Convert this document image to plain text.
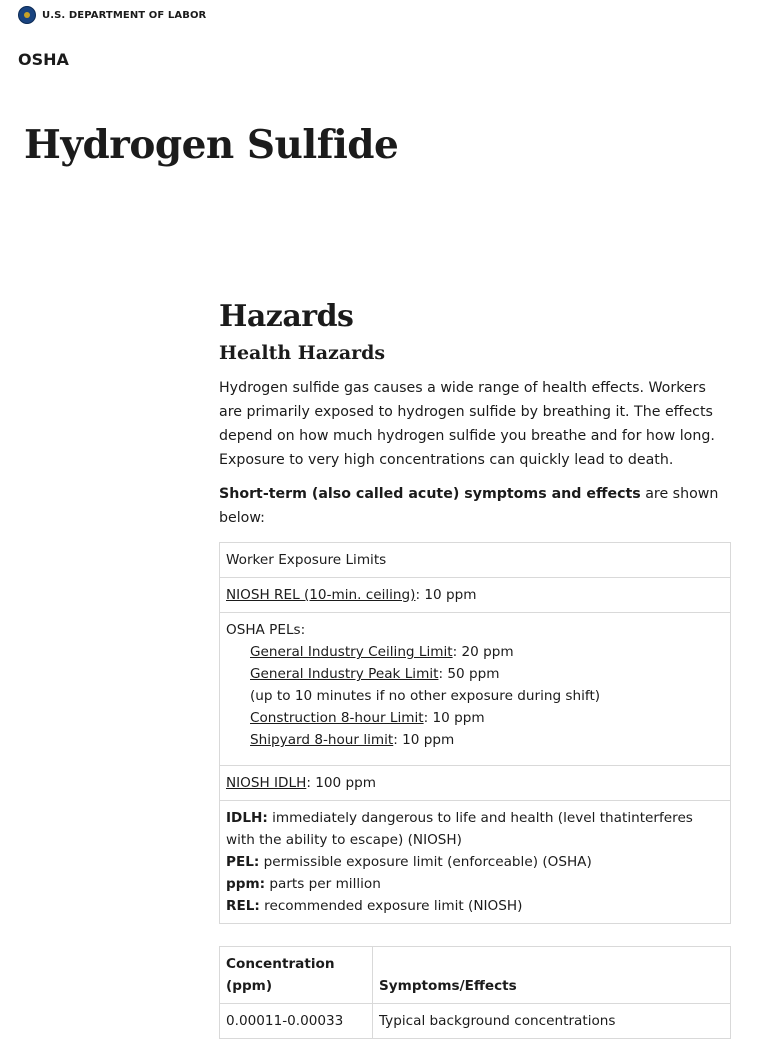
U.S. DEPARTMENT OF LABOR
OSHA
Hydrogen Sulfide
Hazards
Health Hazards

Hydrogen sulfide gas causes a wide range of health effects. Workers are primarily exposed to hydrogen sulfide by breathing it. The effects depend on how much hydrogen sulfide you breathe and for how long. Exposure to very high concentrations can quickly lead to death.

Short-term (also called acute) symptoms and effects are shown below:

Worker Exposure Limits
NIOSH REL (10-min. ceiling): 10 ppm

OSHA PELs:
General Industry Ceiling Limit: 20 ppm
General Industry Peak Limit: 50 ppm
(up to 10 minutes if no other exposure during shift)
Construction 8-hour Limit: 10 ppm
Shipyard 8-hour limit: 10 ppm

NIOSH IDLH: 100 ppm

IDLH: immediately dangerous to life and health (level thatinterferes with the ability to escape) (NIOSH)
PEL: permissible exposure limit (enforceable) (OSHA)
ppm: parts per million
REL: recommended exposure limit (NIOSH)
Concentration (ppm)	Symptoms/Effects
0.00011-0.00033	Typical background concentrations
